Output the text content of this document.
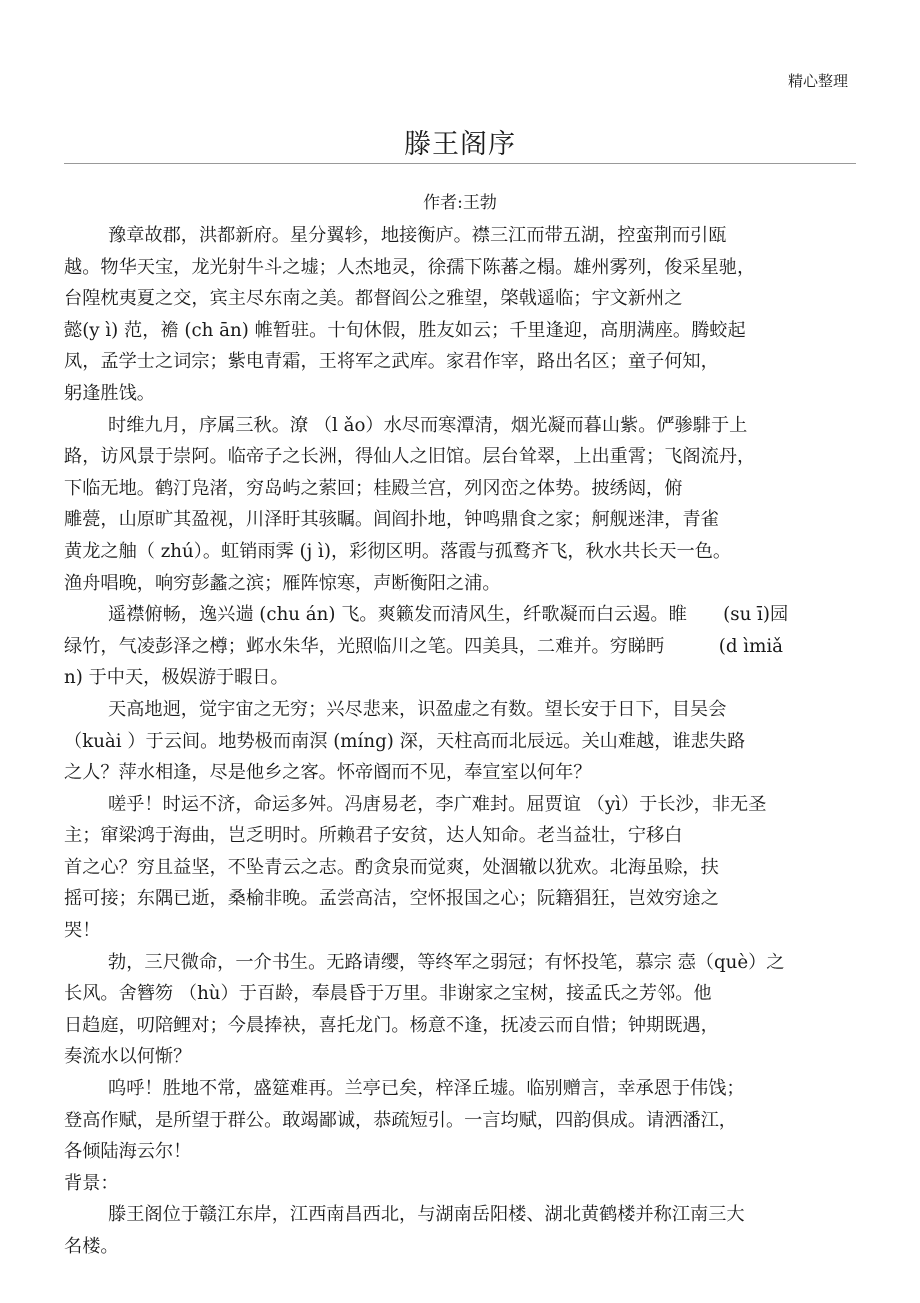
精心整理
滕王阁序
作者:王勃
豫章故郡，洪都新府。星分翼轸，地接衡庐。襟三江而带五湖，控蛮荆而引瓯
越。物华天宝，龙光射牛斗之墟；人杰地灵，徐孺下陈蕃之榻。雄州雾列，俊采星驰，
台隍枕夷夏之交，宾主尽东南之美。都督阎公之雅望，棨戟遥临；宇文新州之
懿(y ì) 范，襜 (ch ān) 帷暂驻。十旬休假，胜友如云；千里逢迎，高朋满座。腾蛟起
凤，孟学士之词宗；紫电青霜，王将军之武库。家君作宰，路出名区；童子何知，
躬逢胜饯。
时维九月，序属三秋。潦 （l ǎo）水尽而寒潭清，烟光凝而暮山紫。俨骖騑于上
路，访风景于崇阿。临帝子之长洲，得仙人之旧馆。层台耸翠，上出重霄；飞阁流丹，
下临无地。鹤汀凫渚，穷岛屿之萦回；桂殿兰宫，列冈峦之体势。披绣闼，俯
雕甍，山原旷其盈视，川泽盱其骇瞩。闾阎扑地，钟鸣鼎食之家；舸舰迷津，青雀
黄龙之舳（ zhú）。虹销雨霁 (j ì)，彩彻区明。落霞与孤鹜齐飞，秋水共长天一色。
渔舟唱晚，响穷彭蠡之滨；雁阵惊寒，声断衡阳之浦。
遥襟俯畅，逸兴遄 (chu án) 飞。爽籁发而清风生，纤歌凝而白云遏。睢　　(su ī)园
绿竹，气凌彭泽之樽；邺水朱华，光照临川之笔。四美具，二难并。穷睇眄　　　(d ìmiǎ
n) 于中天，极娱游于暇日。
天高地迥，觉宇宙之无穷；兴尽悲来，识盈虚之有数。望长安于日下，目吴会
（kuài ）于云间。地势极而南溟 (míng) 深，天柱高而北辰远。关山难越，谁悲失路
之人？萍水相逢，尽是他乡之客。怀帝阍而不见，奉宣室以何年？
嗟乎！时运不济，命运多舛。冯唐易老，李广难封。屈贾谊 （yì）于长沙，非无圣
主；窜梁鸿于海曲，岂乏明时。所赖君子安贫，达人知命。老当益壮，宁移白
首之心？穷且益坚，不坠青云之志。酌贪泉而觉爽，处涸辙以犹欢。北海虽赊，扶
摇可接；东隅已逝，桑榆非晚。孟尝高洁，空怀报国之心；阮籍猖狂，岂效穷途之
哭！
勃，三尺微命，一介书生。无路请缨，等终军之弱冠；有怀投笔，慕宗 悫（què）之
长风。舍簪笏 （hù）于百龄，奉晨昏于万里。非谢家之宝树，接孟氏之芳邻。他
日趋庭，叨陪鲤对；今晨捧袂，喜托龙门。杨意不逢，抚凌云而自惜；钟期既遇，
奏流水以何惭？
呜呼！胜地不常，盛筵难再。兰亭已矣，梓泽丘墟。临别赠言，幸承恩于伟饯；
登高作赋，是所望于群公。敢竭鄙诚，恭疏短引。一言均赋，四韵俱成。请洒潘江，
各倾陆海云尔！
背景：
滕王阁位于赣江东岸，江西南昌西北，与湖南岳阳楼、湖北黄鹤楼并称江南三大
名楼。
